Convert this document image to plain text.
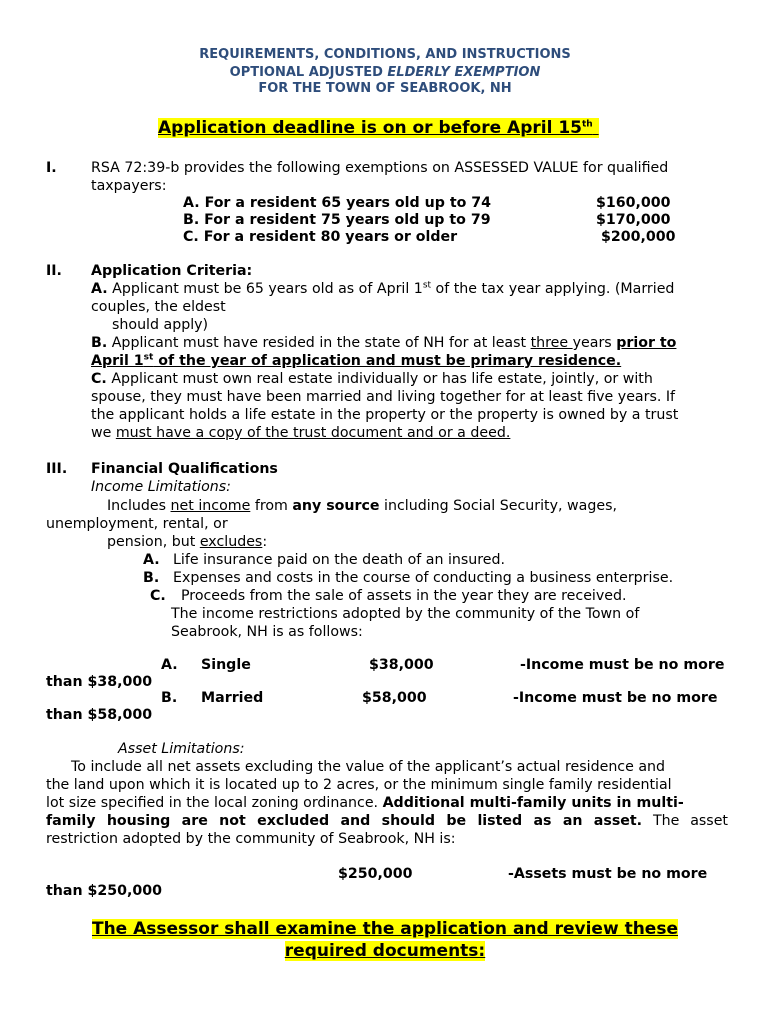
REQUIREMENTS, CONDITIONS, AND INSTRUCTIONS
OPTIONAL ADJUSTED ELDERLY EXEMPTION
FOR THE TOWN OF SEABROOK, NH
Application deadline is on or before April 15th
I. RSA 72:39-b provides the following exemptions on ASSESSED VALUE for qualified
taxpayers:
A. For a resident 65 years old up to 74	$160,000
B. For a resident 75 years old up to 79	$170,000
C. For a resident 80 years or older	$200,000
II. Application Criteria:
A. Applicant must be 65 years old as of April 1st of the tax year applying. (Married
couples, the eldest
should apply)
B. Applicant must have resided in the state of NH for at least three years prior to
April 1st of the year of application and must be primary residence.
C. Applicant must own real estate individually or has life estate, jointly, or with
spouse, they must have been married and living together for at least five years. If
the applicant holds a life estate in the property or the property is owned by a trust
we must have a copy of the trust document and or a deed.
III. Financial Qualifications
Income Limitations:
Includes net income from any source including Social Security, wages,
unemployment, rental, or
pension, but excludes:
A. Life insurance paid on the death of an insured.
B. Expenses and costs in the course of conducting a business enterprise.
C. Proceeds from the sale of assets in the year they are received.
The income restrictions adopted by the community of the Town of
Seabrook, NH is as follows:
A. Single	$38,000	-Income must be no more
than $38,000
B. Married	$58,000	-Income must be no more
than $58,000
Asset Limitations:
To include all net assets excluding the value of the applicant’s actual residence and
the land upon which it is located up to 2 acres, or the minimum single family residential
lot size specified in the local zoning ordinance. Additional multi-family units in multi-
family housing are not excluded and should be listed as an asset. The asset
restriction adopted by the community of Seabrook, NH is:
$250,000	-Assets must be no more
than $250,000
The Assessor shall examine the application and review these
required documents:
